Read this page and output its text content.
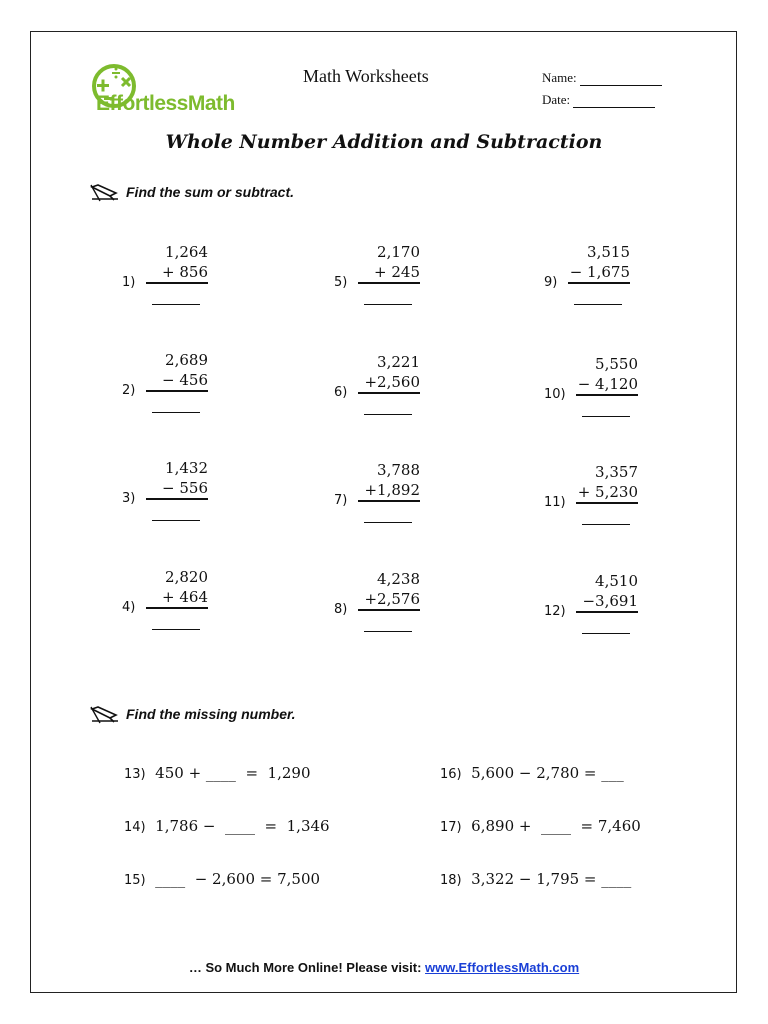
EffortlessMath
Math Worksheets	Name:
Date:
Whole Number Addition and Subtraction
Find the sum or subtract.
1)
1,264
+ 856
2)
2,689
− 456
3)
1,432
− 556
4)
2,820
+ 464
5)
2,170
+ 245
6)
3,221
+2,560
7)
3,788
+1,892
8)
4,238
+2,576
9)
3,515
− 1,675
10)
5,550
− 4,120
11)
3,357
+ 5,230
12)
4,510
−3,691
Find the missing number.
13) 450 + ____  =  1,290
14) 1,786 −  ____  =  1,346
15) ____  − 2,600 = 7,500
16) 5,600 − 2,780 = ___
17) 6,890 +  ____  = 7,460
18) 3,322 − 1,795 = ____
… So Much More Online! Please visit: www.EffortlessMath.com
